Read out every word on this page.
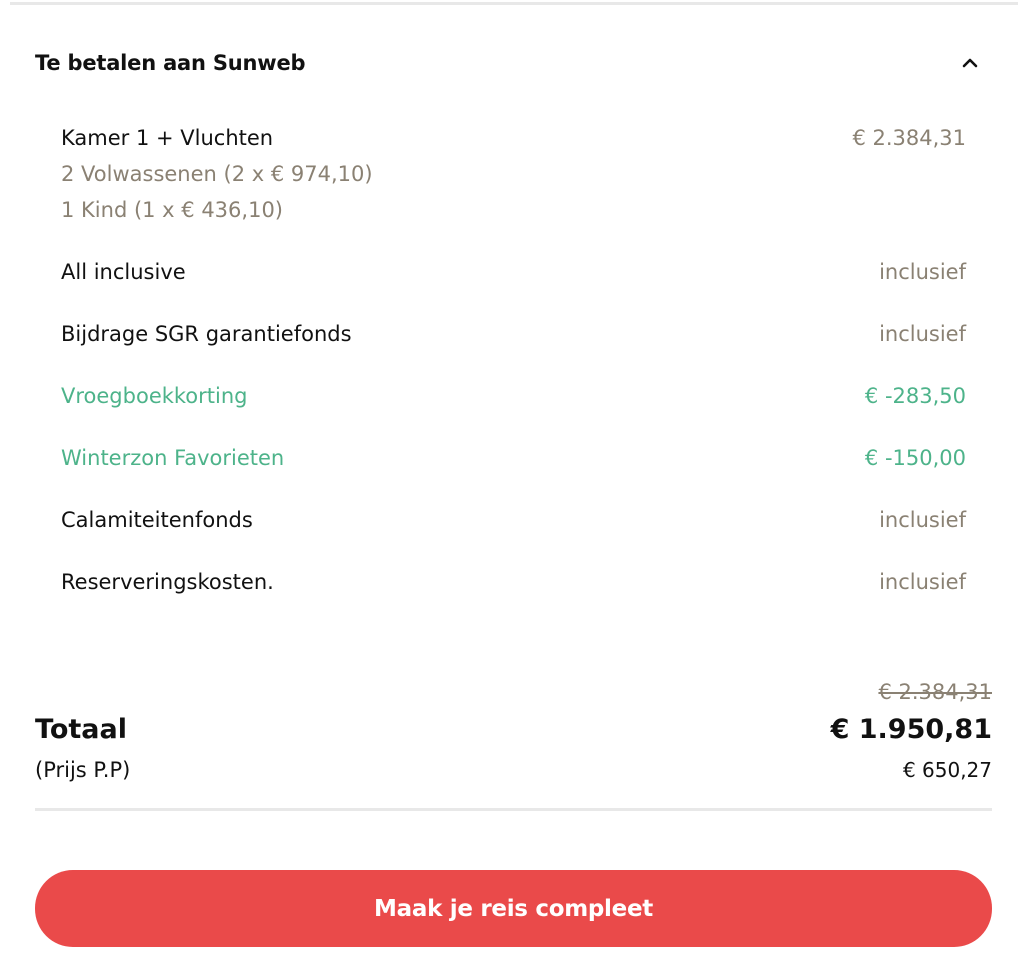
Te betalen aan Sunweb
Kamer 1 + Vluchten	€ 2.384,31
2 Volwassenen (2 x € 974,10)
1 Kind (1 x € 436,10)
All inclusive	inclusief
Bijdrage SGR garantiefonds	inclusief
Vroegboekkorting	€ -283,50
Winterzon Favorieten	€ -150,00
Calamiteitenfonds	inclusief
Reserveringskosten.	inclusief
€ 2.384,31
Totaal	€ 1.950,81
(Prijs P.P)	€ 650,27
Maak je reis compleet
